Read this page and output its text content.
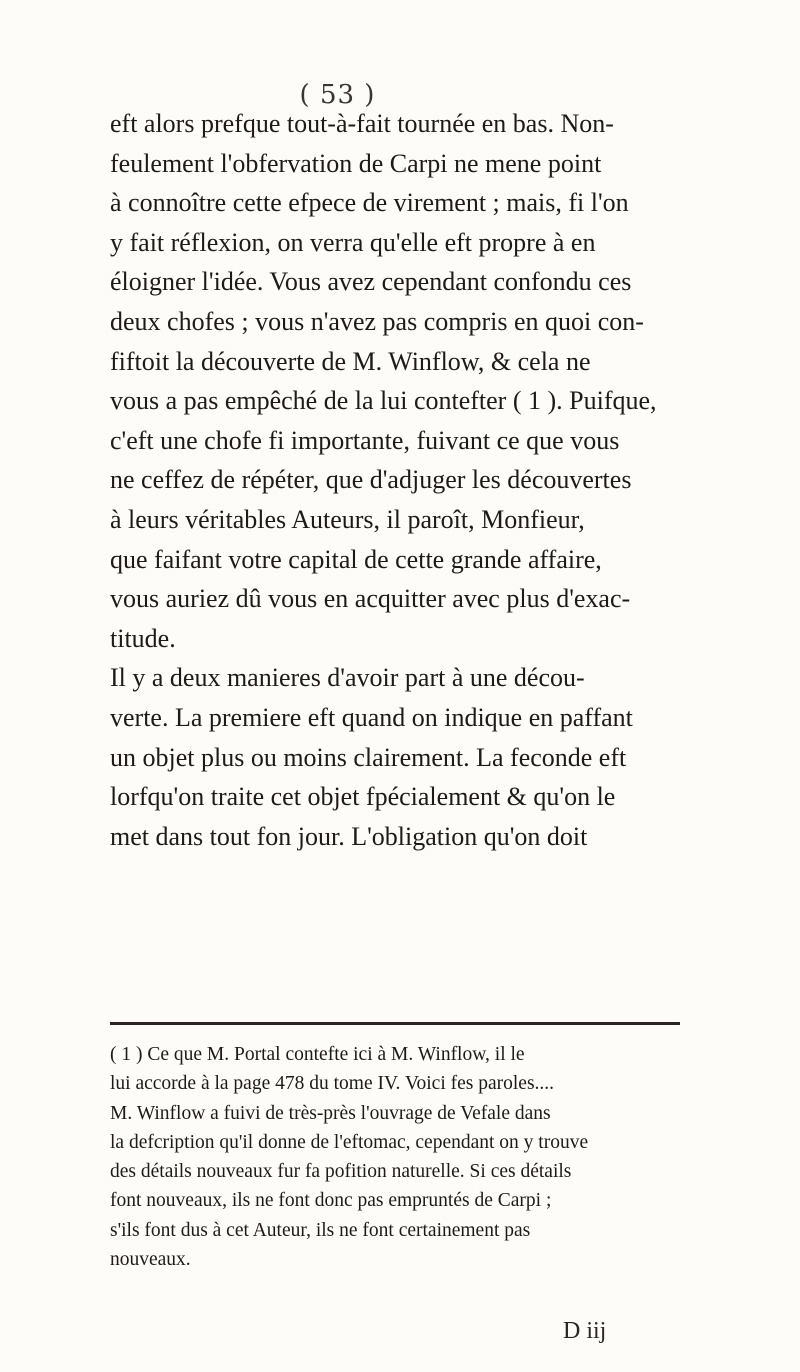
( 53 )

eft alors prefque tout-à-fait tournée en bas. Non-
feulement l'obfervation de Carpi ne mene point
à connoître cette efpece de virement ; mais, fi l'on
y fait réflexion, on verra qu'elle eft propre à en
éloigner l'idée. Vous avez cependant confondu ces
deux chofes ; vous n'avez pas compris en quoi con-
fiftoit la découverte de M. Winflow, & cela ne
vous a pas empêché de la lui contefter ( 1 ). Puifque,
c'eft une chofe fi importante, fuivant ce que vous
ne ceffez de répéter, que d'adjuger les découvertes
à leurs véritables Auteurs, il paroît, Monfieur,
que faifant votre capital de cette grande affaire,
vous auriez dû vous en acquitter avec plus d'exac-
titude.

Il y a deux manieres d'avoir part à une décou-
verte. La premiere eft quand on indique en paffant
un objet plus ou moins clairement. La feconde eft
lorfqu'on traite cet objet fpécialement & qu'on le
met dans tout fon jour. L'obligation qu'on doit

( 1 ) Ce que M. Portal contefte ici à M. Winflow, il le
lui accorde à la page 478 du tome IV. Voici fes paroles....
M. Winflow a fuivi de très-près l'ouvrage de Vefale dans
la defcription qu'il donne de l'eftomac, cependant on y trouve
des détails nouveaux fur fa pofition naturelle. Si ces détails
font nouveaux, ils ne font donc pas empruntés de Carpi ;
s'ils font dus à cet Auteur, ils ne font certainement pas
nouveaux.

D iij
